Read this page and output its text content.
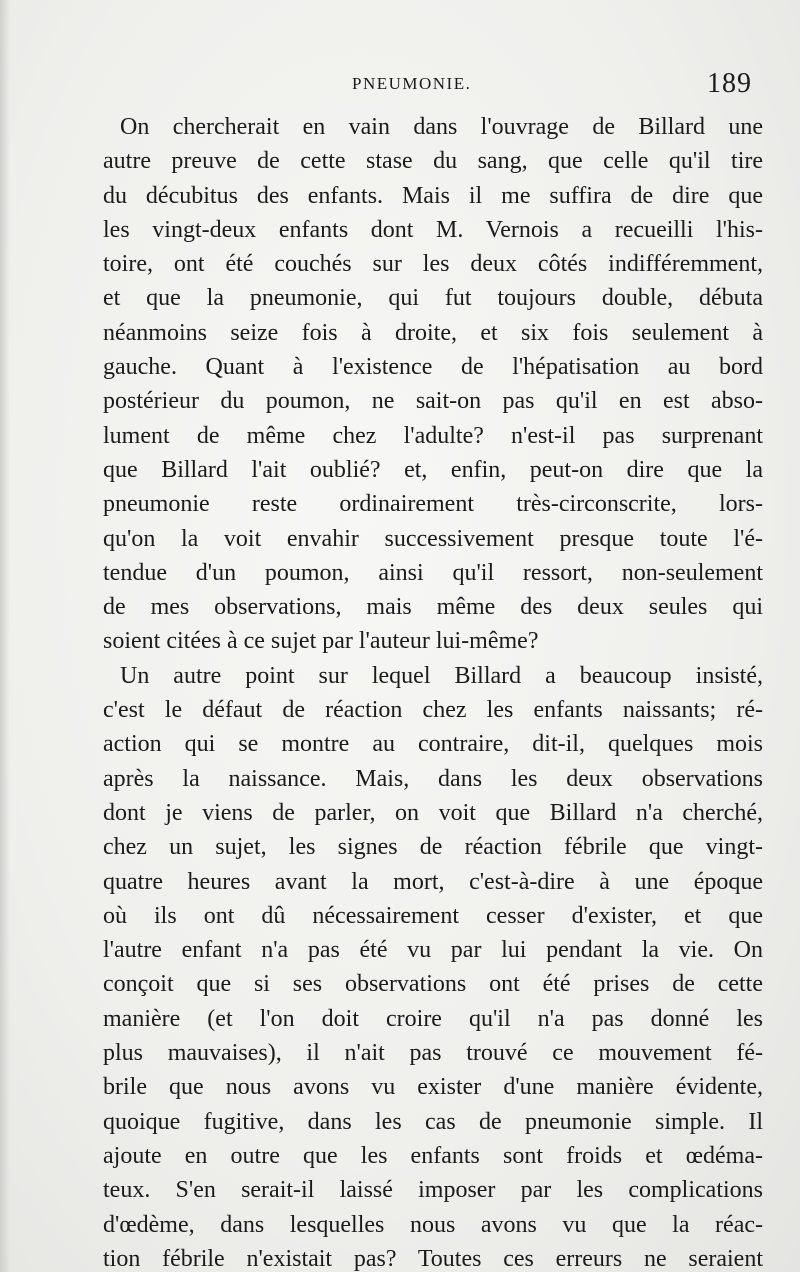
PNEUMONIE.	189
On chercherait en vain dans l'ouvrage de Billard une
autre preuve de cette stase du sang, que celle qu'il tire
du décubitus des enfants. Mais il me suffira de dire que
les vingt-deux enfants dont M. Vernois a recueilli l'his-
toire, ont été couchés sur les deux côtés indifféremment,
et que la pneumonie, qui fut toujours double, débuta
néanmoins seize fois à droite, et six fois seulement à
gauche. Quant à l'existence de l'hépatisation au bord
postérieur du poumon, ne sait-on pas qu'il en est abso-
lument de même chez l'adulte? n'est-il pas surprenant
que Billard l'ait oublié? et, enfin, peut-on dire que la
pneumonie reste ordinairement très-circonscrite, lors-
qu'on la voit envahir successivement presque toute l'é-
tendue d'un poumon, ainsi qu'il ressort, non-seulement
de mes observations, mais même des deux seules qui
soient citées à ce sujet par l'auteur lui-même?
Un autre point sur lequel Billard a beaucoup insisté,
c'est le défaut de réaction chez les enfants naissants; ré-
action qui se montre au contraire, dit-il, quelques mois
après la naissance. Mais, dans les deux observations
dont je viens de parler, on voit que Billard n'a cherché,
chez un sujet, les signes de réaction fébrile que vingt-
quatre heures avant la mort, c'est-à-dire à une époque
où ils ont dû nécessairement cesser d'exister, et que
l'autre enfant n'a pas été vu par lui pendant la vie. On
conçoit que si ses observations ont été prises de cette
manière (et l'on doit croire qu'il n'a pas donné les
plus mauvaises), il n'ait pas trouvé ce mouvement fé-
brile que nous avons vu exister d'une manière évidente,
quoique fugitive, dans les cas de pneumonie simple. Il
ajoute en outre que les enfants sont froids et œdéma-
teux. S'en serait-il laissé imposer par les complications
d'œdème, dans lesquelles nous avons vu que la réac-
tion fébrile n'existait pas? Toutes ces erreurs ne seraient
